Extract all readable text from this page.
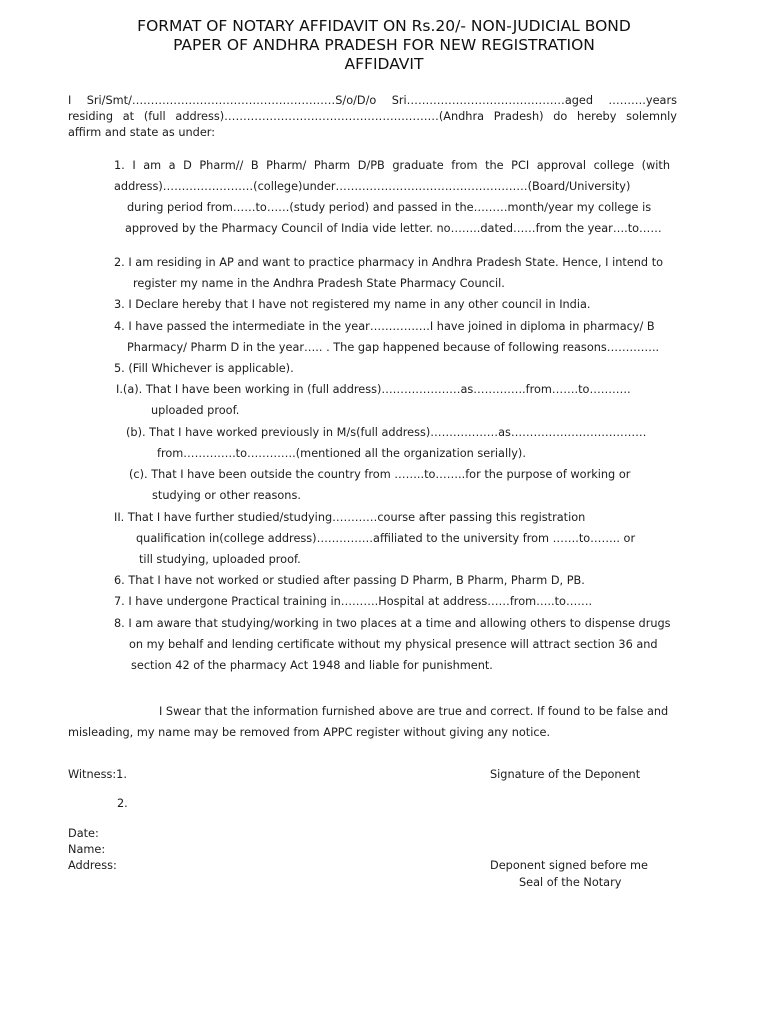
FORMAT OF NOTARY AFFIDAVIT ON Rs.20/- NON-JUDICIAL BOND
PAPER OF ANDHRA PRADESH FOR NEW REGISTRATION
AFFIDAVIT
I Sri/Smt/………………………………………………S/o/D/o Sri……………………………………aged ……….years
residing at (full address)…………………………………………………(Andhra Pradesh) do hereby solemnly
affirm and state as under:
1. I am a D Pharm// B Pharm/ Pharm D/PB graduate from the PCI approval college (with
address)……………………(college)under……………………………………………(Board/University)
during period from……to……(study period) and passed in the………month/year my college is
approved by the Pharmacy Council of India vide letter. no……..dated……from the year….to……
2. I am residing in AP and want to practice pharmacy in Andhra Pradesh State. Hence, I intend to
register my name in the Andhra Pradesh State Pharmacy Council.
3. I Declare hereby that I have not registered my name in any other council in India.
4. I have passed the intermediate in the year…………….I have joined in diploma in pharmacy/ B
Pharmacy/ Pharm D in the year….. . The gap happened because of following reasons…………..
5. (Fill Whichever is applicable).
I.(a). That I have been working in (full address)…………………as…………..from…….to………..
uploaded proof.
(b). That I have worked previously in M/s(full address)………………as………………………………
from…………..to………….(mentioned all the organization serially).
(c). That I have been outside the country from ……..to……..for the purpose of working or
studying or other reasons.
II. That I have further studied/studying…………course after passing this registration
qualification in(college address)……………affiliated to the university from …….to…….. or
till studying, uploaded proof.
6. That I have not worked or studied after passing D Pharm, B Pharm, Pharm D, PB.
7. I have undergone Practical training in……….Hospital at address……from…..to…….
8. I am aware that studying/working in two places at a time and allowing others to dispense drugs
on my behalf and lending certificate without my physical presence will attract section 36 and
section 42 of the pharmacy Act 1948 and liable for punishment.
I Swear that the information furnished above are true and correct. If found to be false and
misleading, my name may be removed from APPC register without giving any notice.
Witness:1.	Signature of the Deponent
2.
Date:
Name:
Address:	Deponent signed before me
Seal of the Notary
